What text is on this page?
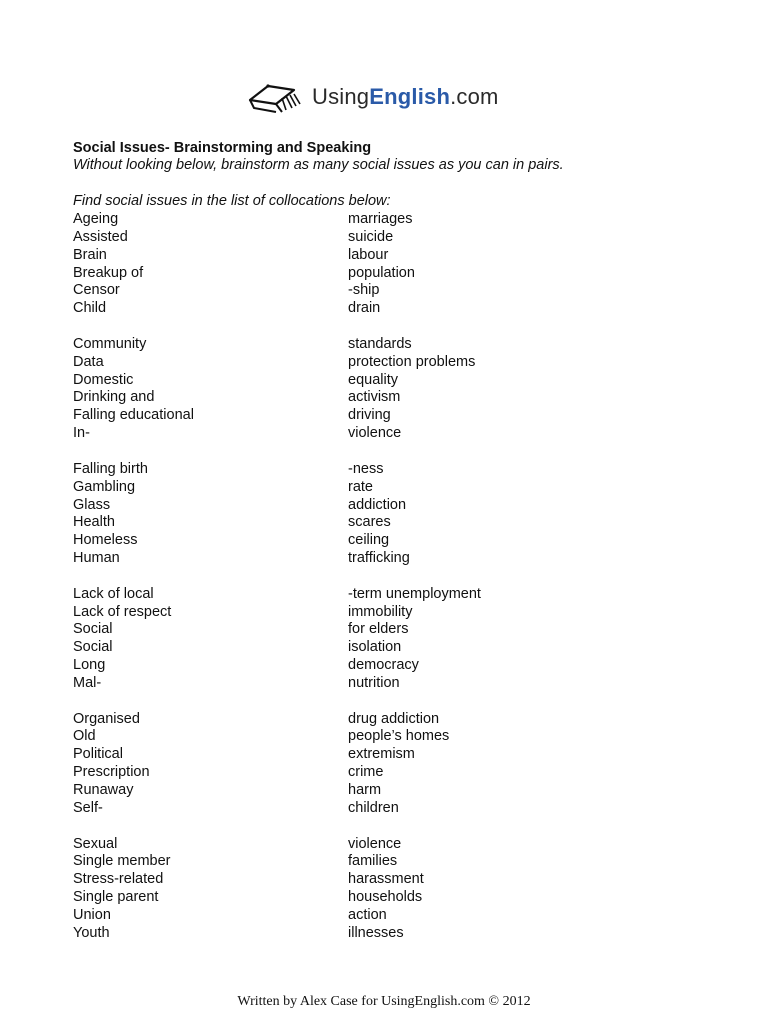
UsingEnglish.com
Social Issues- Brainstorming and Speaking
Without looking below, brainstorm as many social issues as you can in pairs.
Find social issues in the list of collocations below:
Ageing
Assisted
Brain
Breakup of
Censor
Child
Community
Data
Domestic
Drinking and
Falling educational
In-
Falling birth
Gambling
Glass
Health
Homeless
Human
Lack of local
Lack of respect
Social
Social
Long
Mal-
Organised
Old
Political
Prescription
Runaway
Self-
Sexual
Single member
Stress-related
Single parent
Union
Youth
marriages
suicide
labour
population
-ship
drain
standards
protection problems
equality
activism
driving
violence
-ness
rate
addiction
scares
ceiling
trafficking
-term unemployment
immobility
for elders
isolation
democracy
nutrition
drug addiction
people’s homes
extremism
crime
harm
children
violence
families
harassment
households
action
illnesses
Written by Alex Case for UsingEnglish.com © 2012
